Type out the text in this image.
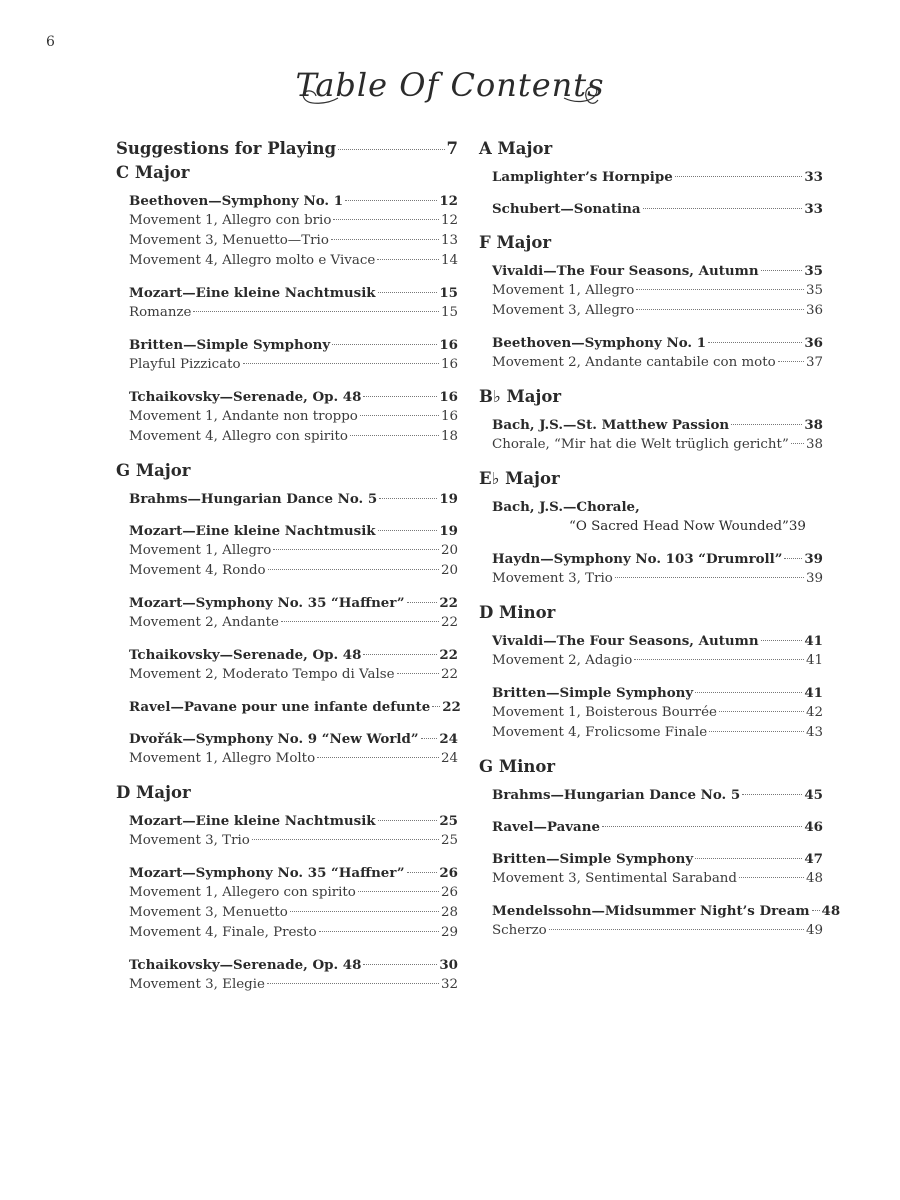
6
Table Of Contents
Suggestions for Playing	7
C Major
Beethoven—Symphony No. 1	12
Movement 1, Allegro con brio	12
Movement 3, Menuetto—Trio	13
Movement 4, Allegro molto e Vivace	14
Mozart—Eine kleine Nachtmusik	15
Romanze	15
Britten—Simple Symphony	16
Playful Pizzicato	16
Tchaikovsky—Serenade, Op. 48	16
Movement 1, Andante non troppo	16
Movement 4, Allegro con spirito	18
G Major
Brahms—Hungarian Dance No. 5	19
Mozart—Eine kleine Nachtmusik	19
Movement 1, Allegro	20
Movement 4, Rondo	20
Mozart—Symphony No. 35 “Haffner”	22
Movement 2, Andante	22
Tchaikovsky—Serenade, Op. 48	22
Movement 2, Moderato Tempo di Valse	22
Ravel—Pavane pour une infante defunte 22
Dvořák—Symphony No. 9 “New World” 24
Movement 1, Allegro Molto	24
D Major
Mozart—Eine kleine Nachtmusik	25
Movement 3, Trio	25
Mozart—Symphony No. 35 “Haffner”	26
Movement 1, Allegero con spirito	26
Movement 3, Menuetto	28
Movement 4, Finale, Presto	29
Tchaikovsky—Serenade, Op. 48	30
Movement 3, Elegie	32
A Major
Lamplighter’s Hornpipe	33
Schubert—Sonatina	33
F Major
Vivaldi—The Four Seasons, Autumn	35
Movement 1, Allegro	35
Movement 3, Allegro	36
Beethoven—Symphony No. 1	36
Movement 2, Andante cantabile con moto 37
B♭ Major
Bach, J.S.—St. Matthew Passion	38
Chorale, “Mir hat die Welt trüglich gericht” 38
E♭ Major
Bach, J.S.—Chorale,
“O Sacred Head Now Wounded” 39
Haydn—Symphony No. 103 “Drumroll” 39
Movement 3, Trio	39
D Minor
Vivaldi—The Four Seasons, Autumn	41
Movement 2, Adagio	41
Britten—Simple Symphony	41
Movement 1, Boisterous Bourrée	42
Movement 4, Frolicsome Finale	43
G Minor
Brahms—Hungarian Dance No. 5	45
Ravel—Pavane	46
Britten—Simple Symphony	47
Movement 3, Sentimental Saraband	48
Mendelssohn—Midsummer Night’s Dream 48
Scherzo	49
